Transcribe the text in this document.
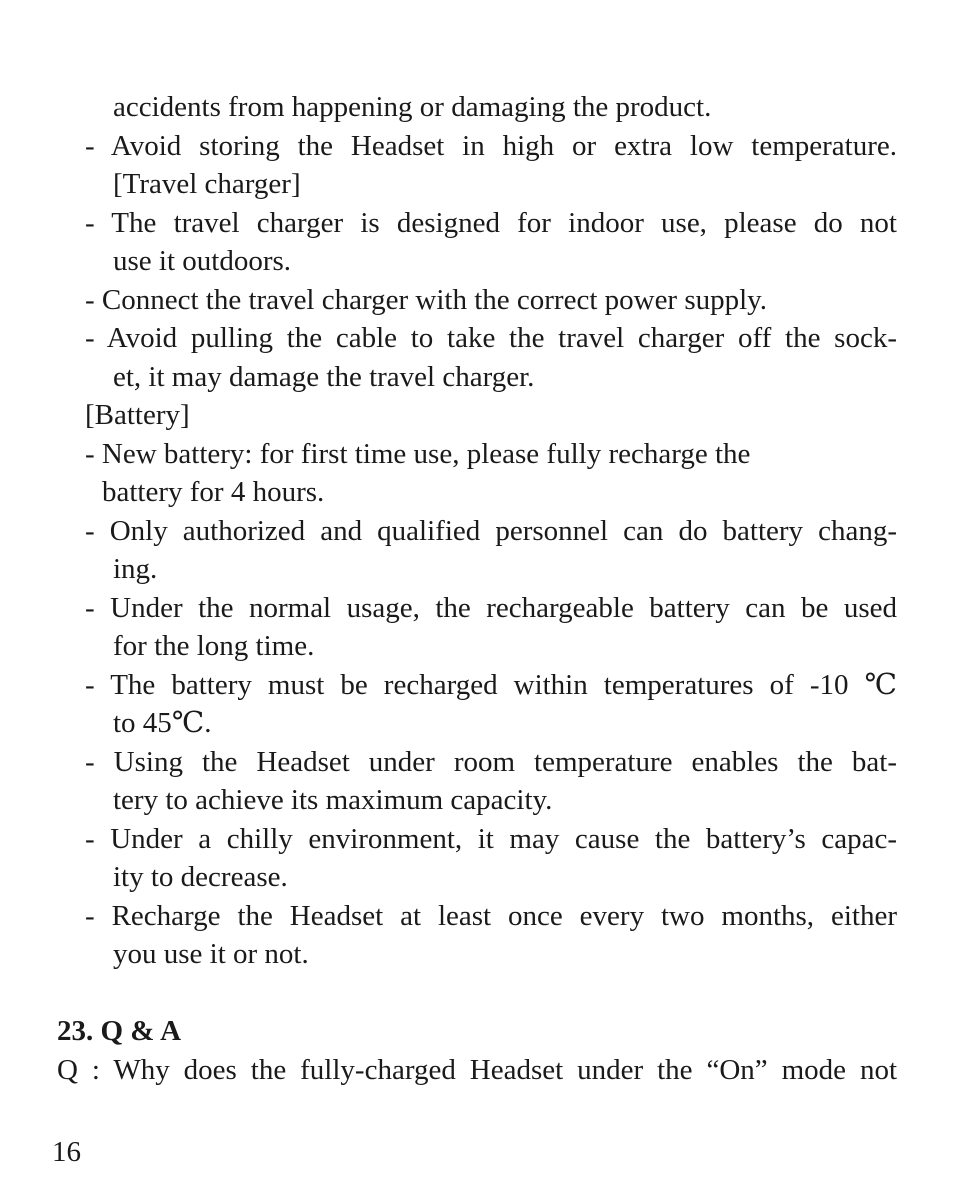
accidents from happening or damaging the product.
- Avoid storing the Headset in high or extra low temperature.
[Travel charger]
- The travel charger is designed for indoor use, please do not
use it outdoors.
- Connect the travel charger with the correct power supply.
- Avoid pulling the cable to take the travel charger off the sock-
et, it may damage the travel charger.
[Battery]
- New battery: for first time use, please fully recharge the
battery for 4 hours.
- Only authorized and qualified personnel can do battery chang-
ing.
- Under the normal usage, the rechargeable battery can be used
for the long time.
- The battery must be recharged within temperatures of -10 ℃
to 45℃.
- Using the Headset under room temperature enables the bat-
tery to achieve its maximum capacity.
- Under a chilly environment, it may cause the battery’s capac-
ity to decrease.
- Recharge the Headset at least once every two months, either
you use it or not.
23. Q & A
Q : Why does the fully-charged Headset under the “On” mode not
16
